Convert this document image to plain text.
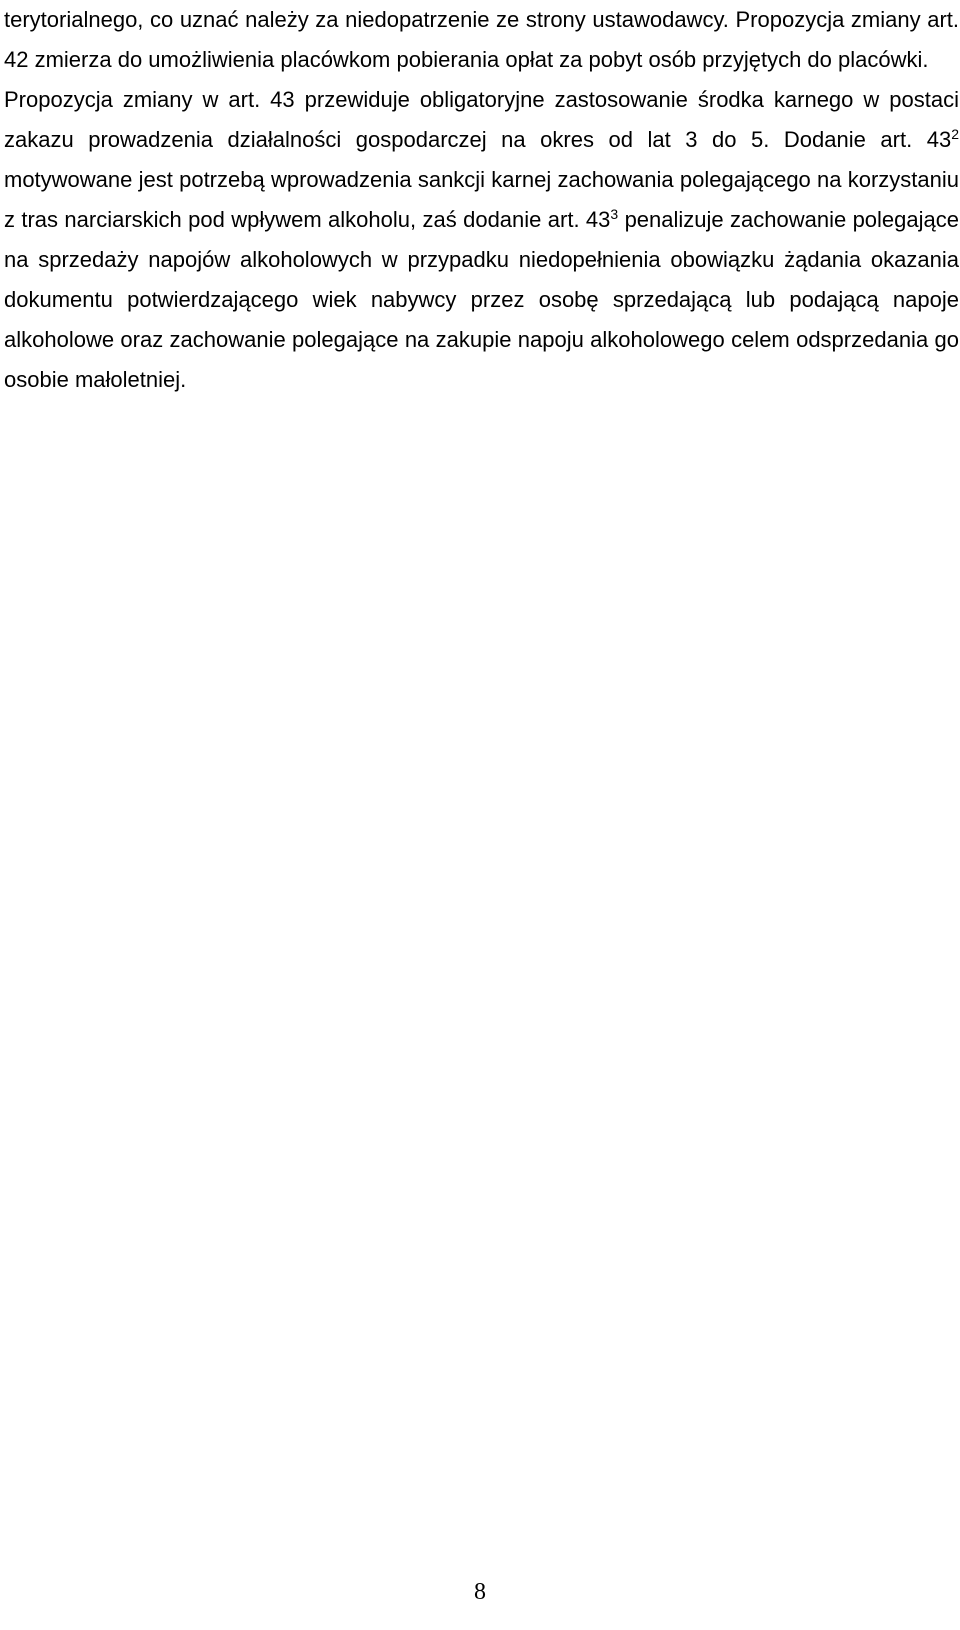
terytorialnego, co uznać należy za niedopatrzenie ze strony ustawodawcy. Propozycja zmiany art. 42 zmierza do umożliwienia placówkom pobierania opłat za pobyt osób przyjętych do placówki.

Propozycja zmiany w art. 43 przewiduje obligatoryjne zastosowanie środka karnego w postaci zakazu prowadzenia działalności gospodarczej na okres od lat 3 do 5. Dodanie art. $43^2$ motywowane jest potrzebą wprowadzenia sankcji karnej zachowania polegającego na korzystaniu z tras narciarskich pod wpływem alkoholu, zaś dodanie art. $43^3$ penalizuje zachowanie polegające na sprzedaży napojów alkoholowych w przypadku niedopełnienia obowiązku żądania okazania dokumentu potwierdzającego wiek nabywcy przez osobę sprzedającą lub podającą napoje alkoholowe oraz zachowanie polegające na zakupie napoju alkoholowego celem odsprzedania go osobie małoletniej.

8
